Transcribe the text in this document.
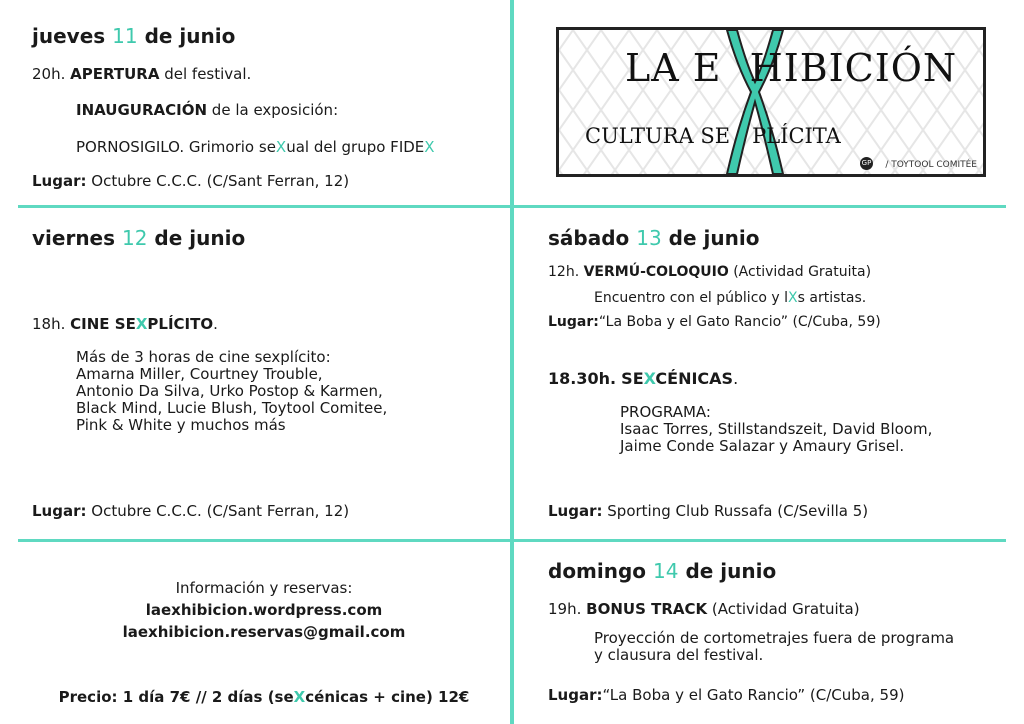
jueves 11 de junio
20h. APERTURA del festival.
INAUGURACIÓN de la exposición:
PORNOSIGILO. Grimorio seXual del grupo FIDEX
Lugar: Octubre C.C.C. (C/Sant Ferran, 12)
LA E HIBICIÓN
CULTURA SE PLÍCITA
GP / TOYTOOL COMITÉE
viernes 12 de junio
18h. CINE SEXPLÍCITO.
Más de 3 horas de cine sexplícito:
Amarna Miller, Courtney Trouble,
Antonio Da Silva, Urko Postop & Karmen,
Black Mind, Lucie Blush, Toytool Comitee,
Pink & White y muchos más
Lugar: Octubre C.C.C. (C/Sant Ferran, 12)
sábado 13 de junio
12h. VERMÚ-COLOQUIO (Actividad Gratuita)
Encuentro con el público y lXs artistas.
Lugar:“La Boba y el Gato Rancio” (C/Cuba, 59)
18.30h. SEXCÉNICAS.
PROGRAMA:
Isaac Torres, Stillstandszeit, David Bloom,
Jaime Conde Salazar y Amaury Grisel.
Lugar: Sporting Club Russafa (C/Sevilla 5)
Información y reservas:
laexhibicion.wordpress.com
laexhibicion.reservas@gmail.com
Precio: 1 día 7€ // 2 días (seXcénicas + cine) 12€
domingo 14 de junio
19h. BONUS TRACK (Actividad Gratuita)
Proyección de cortometrajes fuera de programa
y clausura del festival.
Lugar:“La Boba y el Gato Rancio” (C/Cuba, 59)
